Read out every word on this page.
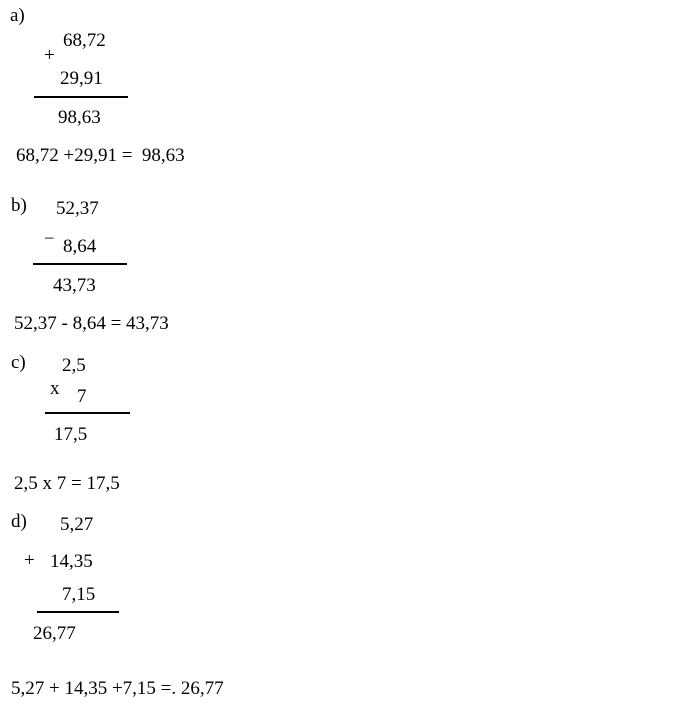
a)
68,72
+
29,91
98,63
68,72 +29,91 =  98,63
b) 52,37
– 8,64
43,73
52,37 - 8,64 = 43,73
c) 2,5
x 7
17,5
2,5 x 7 = 17,5
d) 5,27
+ 14,35
7,15
26,77
5,27 + 14,35 +7,15 =. 26,77
